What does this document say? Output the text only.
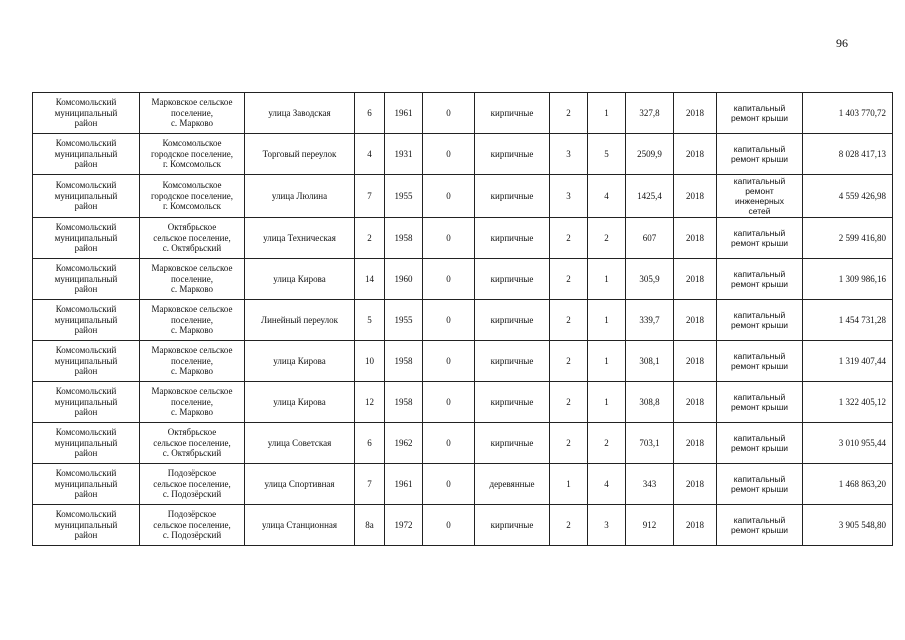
96
Комсомольский
муниципальный
район	Марковское сельское
поселение,
с. Марково	улица Заводская	6	1961	0	кирпичные	2	1	327,8	2018	капитальный
ремонт крыши	1 403 770,72
Комсомольский
муниципальный
район	Комсомольское
городское поселение,
г. Комсомольск	Торговый переулок	4	1931	0	кирпичные	3	5	2509,9	2018	капитальный
ремонт крыши	8 028 417,13
Комсомольский
муниципальный
район	Комсомольское
городское поселение,
г. Комсомольск	улица Люлина	7	1955	0	кирпичные	3	4	1425,4	2018	капитальный
ремонт
инженерных
сетей	4 559 426,98
Комсомольский
муниципальный
район	Октябрьское
сельское поселение,
с. Октябрьский	улица Техническая	2	1958	0	кирпичные	2	2	607	2018	капитальный
ремонт крыши	2 599 416,80
Комсомольский
муниципальный
район	Марковское сельское
поселение,
с. Марково	улица Кирова	14	1960	0	кирпичные	2	1	305,9	2018	капитальный
ремонт крыши	1 309 986,16
Комсомольский
муниципальный
район	Марковское сельское
поселение,
с. Марково	Линейный переулок	5	1955	0	кирпичные	2	1	339,7	2018	капитальный
ремонт крыши	1 454 731,28
Комсомольский
муниципальный
район	Марковское сельское
поселение,
с. Марково	улица Кирова	10	1958	0	кирпичные	2	1	308,1	2018	капитальный
ремонт крыши	1 319 407,44
Комсомольский
муниципальный
район	Марковское сельское
поселение,
с. Марково	улица Кирова	12	1958	0	кирпичные	2	1	308,8	2018	капитальный
ремонт крыши	1 322 405,12
Комсомольский
муниципальный
район	Октябрьское
сельское поселение,
с. Октябрьский	улица Советская	6	1962	0	кирпичные	2	2	703,1	2018	капитальный
ремонт крыши	3 010 955,44
Комсомольский
муниципальный
район	Подозёрское
сельское поселение,
с. Подозёрский	улица Спортивная	7	1961	0	деревянные	1	4	343	2018	капитальный
ремонт крыши	1 468 863,20
Комсомольский
муниципальный
район	Подозёрское
сельское поселение,
с. Подозёрский	улица Станционная	8а	1972	0	кирпичные	2	3	912	2018	капитальный
ремонт крыши	3 905 548,80
